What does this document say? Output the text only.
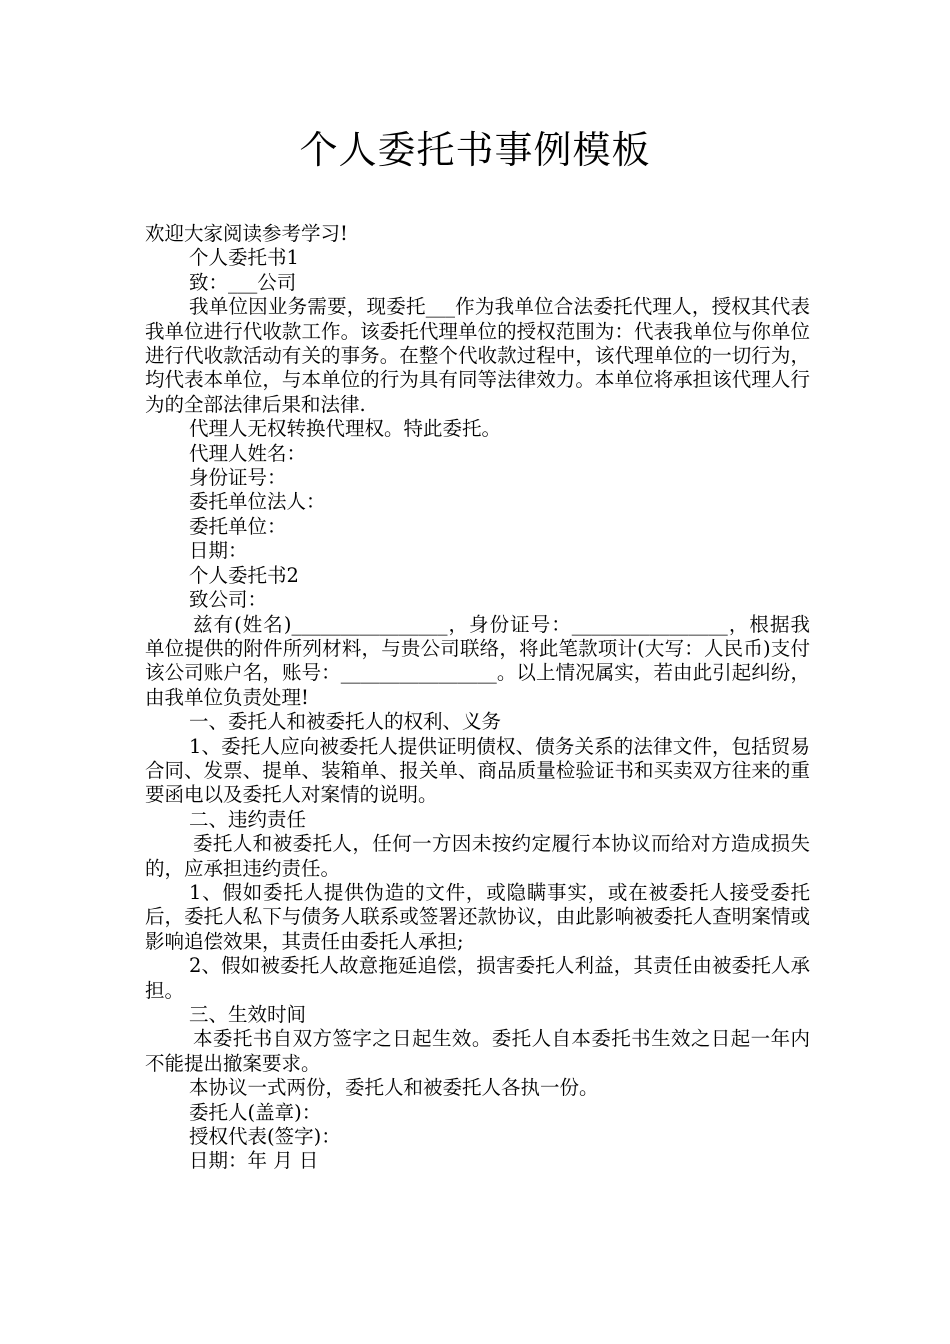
个人委托书事例模板

欢迎大家阅读参考学习!

个人委托书1

致：___公司

我单位因业务需要，现委托___作为我单位合法委托代理人，授权其代表我单位进行代收款工作。该委托代理单位的授权范围为：代表我单位与你单位进行代收款活动有关的事务。在整个代收款过程中，该代理单位的一切行为，均代表本单位，与本单位的行为具有同等法律效力。本单位将承担该代理人行为的全部法律后果和法律.

代理人无权转换代理权。特此委托。

代理人姓名：

身份证号：

委托单位法人：

委托单位：

日期：

个人委托书2

致公司：

兹有(姓名)________________，身份证号：________________，根据我单位提供的附件所列材料，与贵公司联络，将此笔款项计(大写：人民币)支付该公司账户名，账号：________________。以上情况属实，若由此引起纠纷，由我单位负责处理!

一、委托人和被委托人的权利、义务

1、委托人应向被委托人提供证明债权、债务关系的法律文件，包括贸易合同、发票、提单、装箱单、报关单、商品质量检验证书和买卖双方往来的重要函电以及委托人对案情的说明。

二、违约责任

委托人和被委托人，任何一方因未按约定履行本协议而给对方造成损失的，应承担违约责任。

1、假如委托人提供伪造的文件，或隐瞒事实，或在被委托人接受委托后，委托人私下与债务人联系或签署还款协议，由此影响被委托人查明案情或影响追偿效果，其责任由委托人承担;

2、假如被委托人故意拖延追偿，损害委托人利益，其责任由被委托人承担。

三、生效时间

本委托书自双方签字之日起生效。委托人自本委托书生效之日起一年内不能提出撤案要求。

本协议一式两份，委托人和被委托人各执一份。

委托人(盖章)：

授权代表(签字)：

日期：年 月 日
